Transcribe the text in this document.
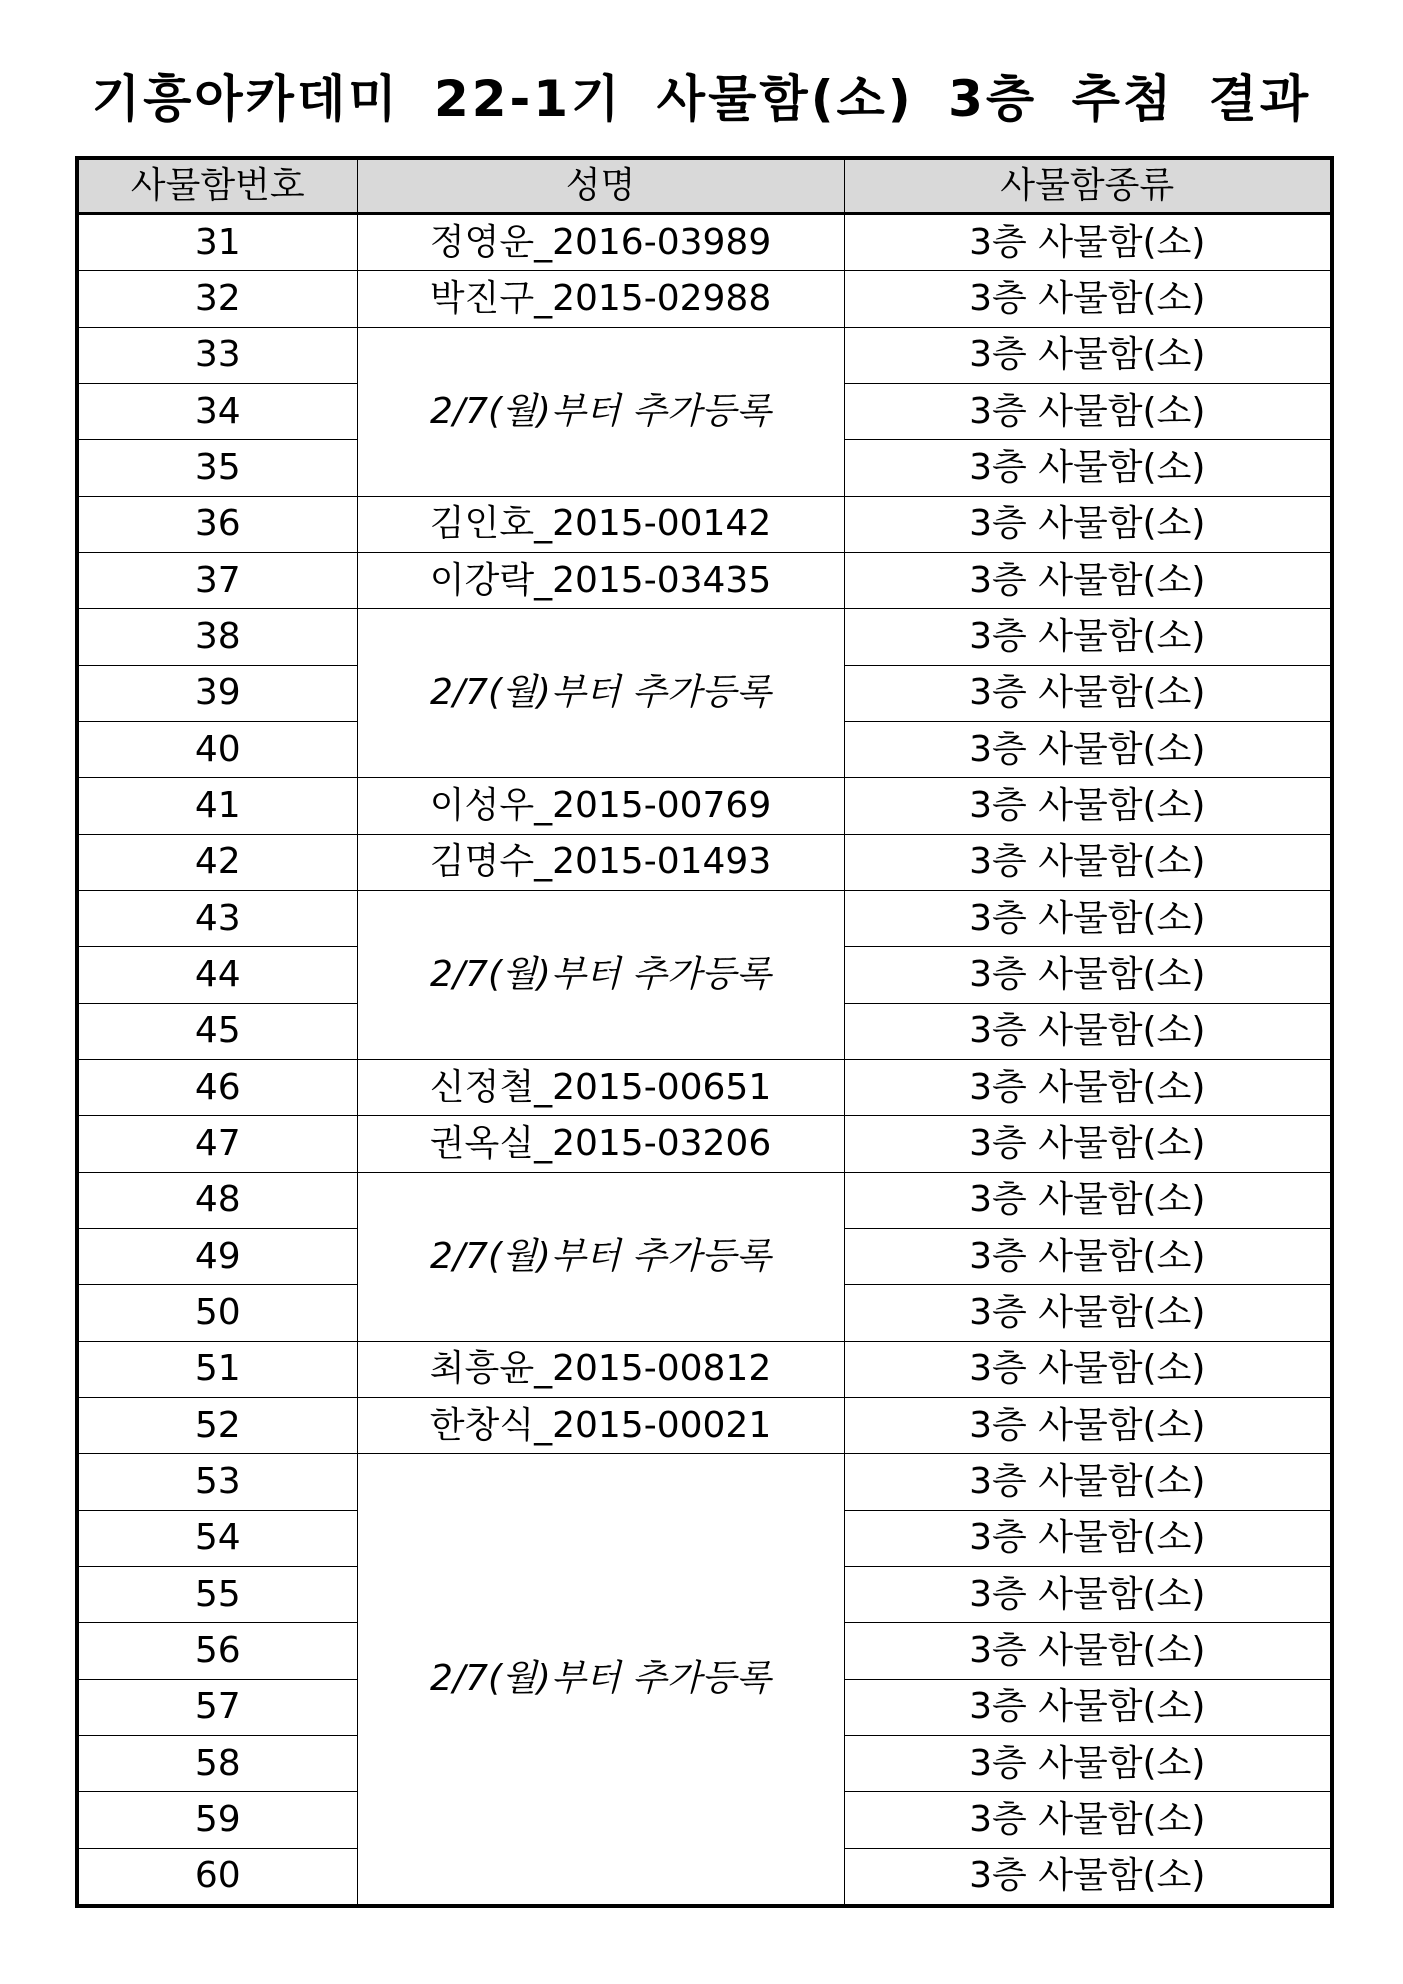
기흥아카데미 22-1기 사물함(소) 3층 추첨 결과
사물함번호	성명	사물함종류
31	정영운_2016-03989	3층 사물함(소)
32	박진구_2015-02988	3층 사물함(소)
33	2/7(월)부터 추가등록	3층 사물함(소)
34		3층 사물함(소)
35		3층 사물함(소)
36	김인호_2015-00142	3층 사물함(소)
37	이강락_2015-03435	3층 사물함(소)
38	2/7(월)부터 추가등록	3층 사물함(소)
39		3층 사물함(소)
40		3층 사물함(소)
41	이성우_2015-00769	3층 사물함(소)
42	김명수_2015-01493	3층 사물함(소)
43	2/7(월)부터 추가등록	3층 사물함(소)
44		3층 사물함(소)
45		3층 사물함(소)
46	신정철_2015-00651	3층 사물함(소)
47	권옥실_2015-03206	3층 사물함(소)
48	2/7(월)부터 추가등록	3층 사물함(소)
49		3층 사물함(소)
50		3층 사물함(소)
51	최흥윤_2015-00812	3층 사물함(소)
52	한창식_2015-00021	3층 사물함(소)
53	2/7(월)부터 추가등록	3층 사물함(소)
54		3층 사물함(소)
55		3층 사물함(소)
56		3층 사물함(소)
57		3층 사물함(소)
58		3층 사물함(소)
59		3층 사물함(소)
60		3층 사물함(소)
